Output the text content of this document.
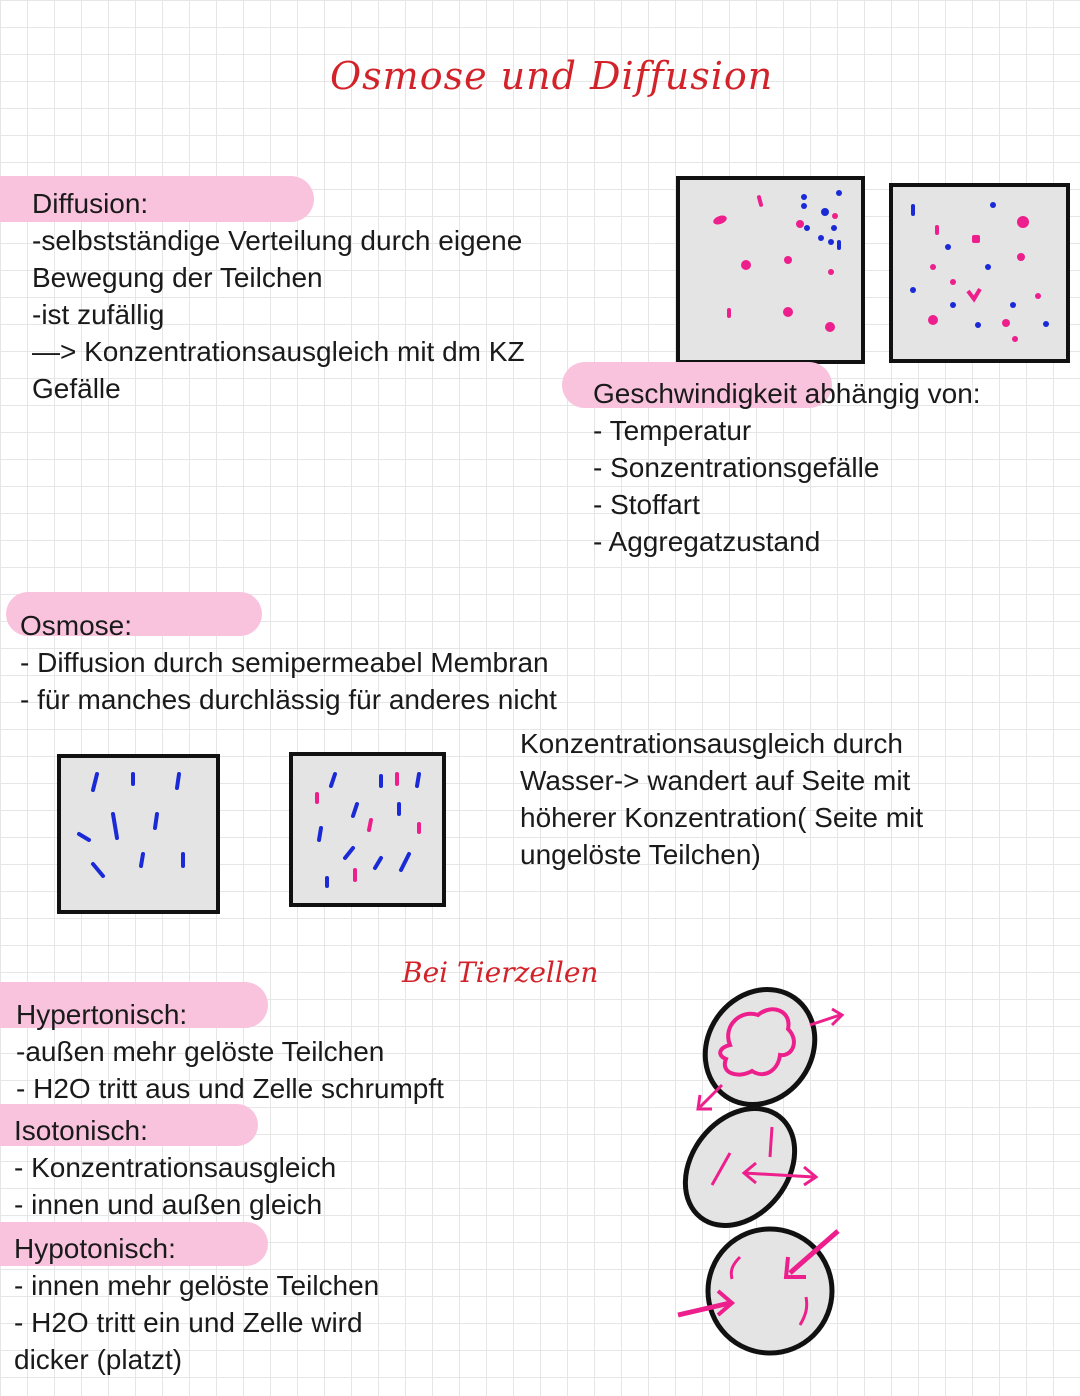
Osmose und Diffusion
Diffusion:
-selbstständige Verteilung durch eigene
Bewegung der Teilchen
-ist zufällig
—> Konzentrationsausgleich mit dm KZ
Gefälle	Geschwindigkeit abhängig von:
- Temperatur
- Sonzentrationsgefälle
- Stoffart
- Aggregatzustand
Osmose:
- Diffusion durch semipermeabel Membran
- für manches durchlässig für anderes nicht
Konzentrationsausgleich durch
Wasser-> wandert auf Seite mit
höherer Konzentration( Seite mit
ungelöste Teilchen)
Bei Tierzellen
Hypertonisch:
-außen mehr gelöste Teilchen
- H2O tritt aus und Zelle schrumpft
Isotonisch:
- Konzentrationsausgleich
- innen und außen gleich
Hypotonisch:
- innen mehr gelöste Teilchen
- H2O tritt ein und Zelle wird
dicker (platzt)
